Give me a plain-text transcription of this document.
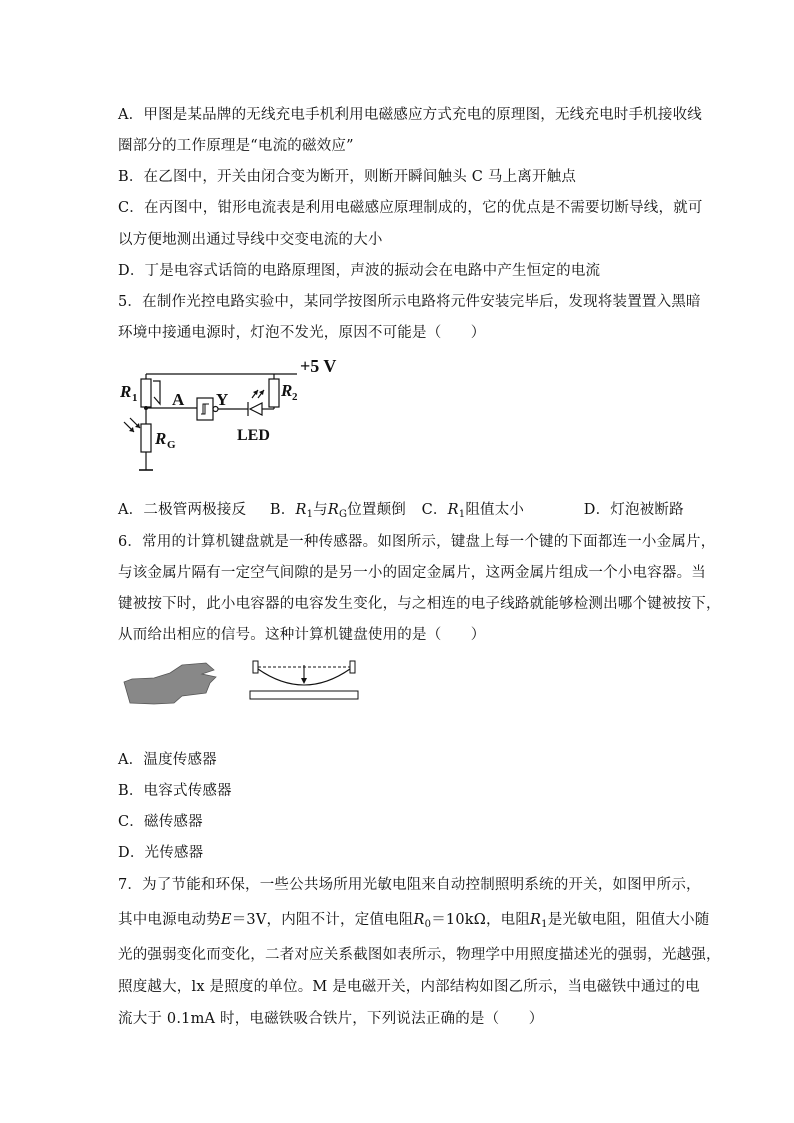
A．甲图是某品牌的无线充电手机利用电磁感应方式充电的原理图，无线充电时手机接收线
圈部分的工作原理是“电流的磁效应”
B．在乙图中，开关由闭合变为断开，则断开瞬间触头 C 马上离开触点
C．在丙图中，钳形电流表是利用电磁感应原理制成的，它的优点是不需要切断导线，就可
以方便地测出通过导线中交变电流的大小
D．丁是电容式话筒的电路原理图，声波的振动会在电路中产生恒定的电流
5．在制作光控电路实验中，某同学按图所示电路将元件安装完毕后，发现将装置置入黑暗
环境中接通电源时，灯泡不发光，原因不可能是（　　）
+5 V
R 1	R 2
R G
A Y
LED
A．二极管两极接反 B．$R_1$与$R_G$位置颠倒 C．$R_1$阻值太小	D．灯泡被断路
6．常用的计算机键盘就是一种传感器。如图所示，键盘上每一个键的下面都连一小金属片，
与该金属片隔有一定空气间隙的是另一小的固定金属片，这两金属片组成一个小电容器。当
键被按下时，此小电容器的电容发生变化，与之相连的电子线路就能够检测出哪个键被按下，
从而给出相应的信号。这种计算机键盘使用的是（　　）
A．温度传感器
B．电容式传感器
C．磁传感器
D．光传感器
7．为了节能和环保，一些公共场所用光敏电阻来自动控制照明系统的开关，如图甲所示，
其中电源电动势E＝3V，内阻不计，定值电阻$R_0=10k\Omega$，电阻$R_1$是光敏电阻，阻值大小随
光的强弱变化而变化，二者对应关系截图如表所示，物理学中用照度描述光的强弱，光越强，
照度越大，lx 是照度的单位。M 是电磁开关，内部结构如图乙所示，当电磁铁中通过的电
流大于 0.1mA 时，电磁铁吸合铁片，下列说法正确的是（　　）
